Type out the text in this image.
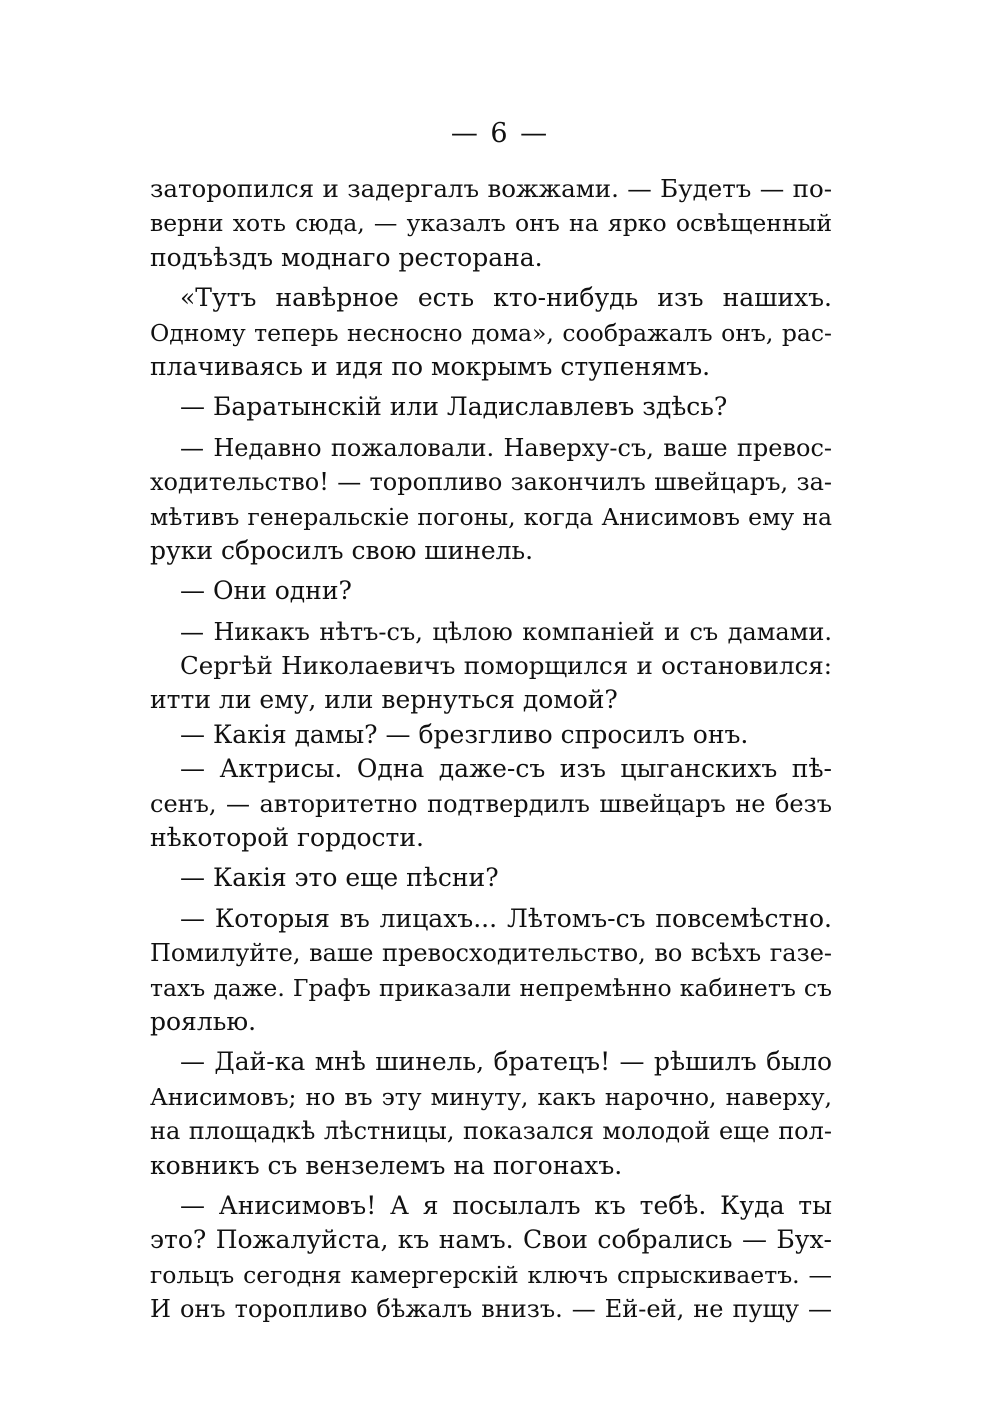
— 6 —
заторопился и задергалъ вожжами. — Будетъ — по-
верни хоть сюда, — указалъ онъ на ярко освѣщенный
подъѣздъ моднаго ресторана.
«Тутъ навѣрное есть кто-нибудь изъ нашихъ.
Одному теперь несносно дома», соображалъ онъ, рас-
плачиваясь и идя по мокрымъ ступенямъ.
— Баратынскій или Ладиславлевъ здѣсь?
— Недавно пожаловали. Наверху-съ, ваше превос-
ходительство! — торопливо закончилъ швейцаръ, за-
мѣтивъ генеральскіе погоны, когда Анисимовъ ему на
руки сбросилъ свою шинель.
— Они одни?
— Никакъ нѣтъ-съ, цѣлою компаніей и съ дамами.
Сергѣй Николаевичъ поморщился и остановился:
итти ли ему, или вернуться домой?
— Какія дамы? — брезгливо спросилъ онъ.
— Актрисы. Одна даже-съ изъ цыганскихъ пѣ-
сенъ, — авторитетно подтвердилъ швейцаръ не безъ
нѣкоторой гордости.
— Какія это еще пѣсни?
— Которыя въ лицахъ... Лѣтомъ-съ повсемѣстно.
Помилуйте, ваше превосходительство, во всѣхъ газе-
тахъ даже. Графъ приказали непремѣнно кабинетъ съ
роялью.
— Дай-ка мнѣ шинель, братецъ! — рѣшилъ было
Анисимовъ; но въ эту минуту, какъ нарочно, наверху,
на площадкѣ лѣстницы, показался молодой еще пол-
ковникъ съ вензелемъ на погонахъ.
— Анисимовъ! А я посылалъ къ тебѣ. Куда ты
это? Пожалуйста, къ намъ. Свои собрались — Бух-
гольцъ сегодня камергерскій ключъ спрыскиваетъ. —
И онъ торопливо бѣжалъ внизъ. — Ей-ей, не пущу —
